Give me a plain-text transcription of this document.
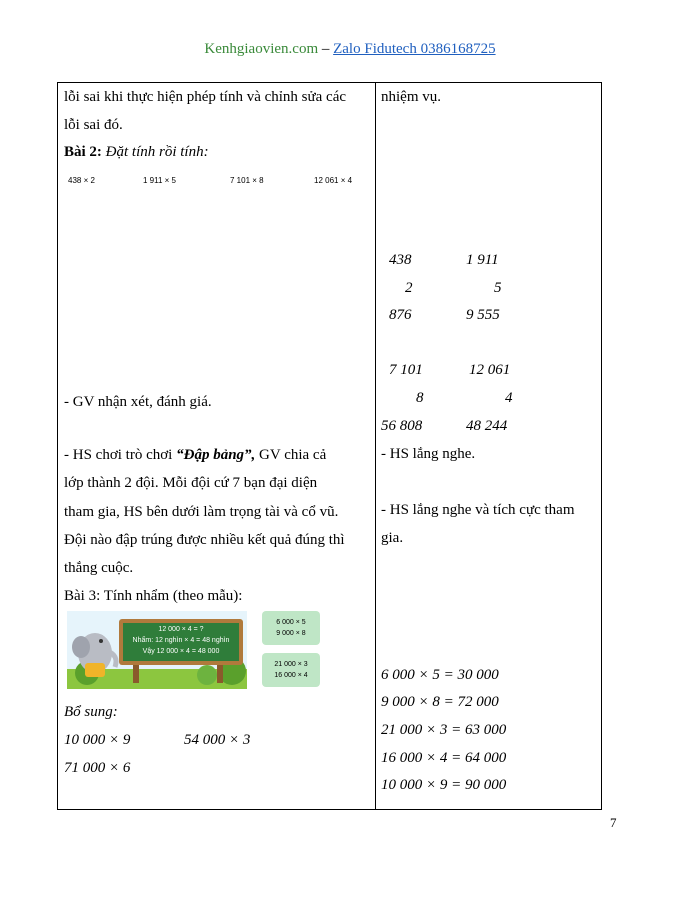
Kenhgiaovien.com – Zalo Fidutech 0386168725
lỗi sai khi thực hiện phép tính và chỉnh sửa các
lỗi sai đó.
Bài 2: Đặt tính rồi tính:
438 × 2	1 911 × 5	7 101 × 8	12 061 × 4
- GV nhận xét, đánh giá.
- HS chơi trò chơi “Đập bảng”, GV chia cả
lớp thành 2 đội. Mỗi đội cứ 7 bạn đại diện
tham gia, HS bên dưới làm trọng tài và cổ vũ.
Đội nào đập trúng được nhiều kết quả đúng thì
thắng cuộc.
Bài 3: Tính nhẩm (theo mẫu):
12 000 × 4 = ?
Nhẩm: 12 nghìn × 4 = 48 nghìn
Vậy 12 000 × 4 = 48 000
6 000 × 5
9 000 × 8
21 000 × 3
16 000 × 4
Bổ sung:
10 000 × 9	54 000 × 3
71 000 × 6
nhiệm vụ.
438
2
876
1 911
5
9 555
7 101
8
56 808
12 061
4
48 244
- HS lắng nghe.
- HS lắng nghe và tích cực tham
gia.
6 000 × 5 = 30 000
9 000 × 8 = 72 000
21 000 × 3 = 63 000
16 000 × 4 = 64 000
10 000 × 9 = 90 000
7
